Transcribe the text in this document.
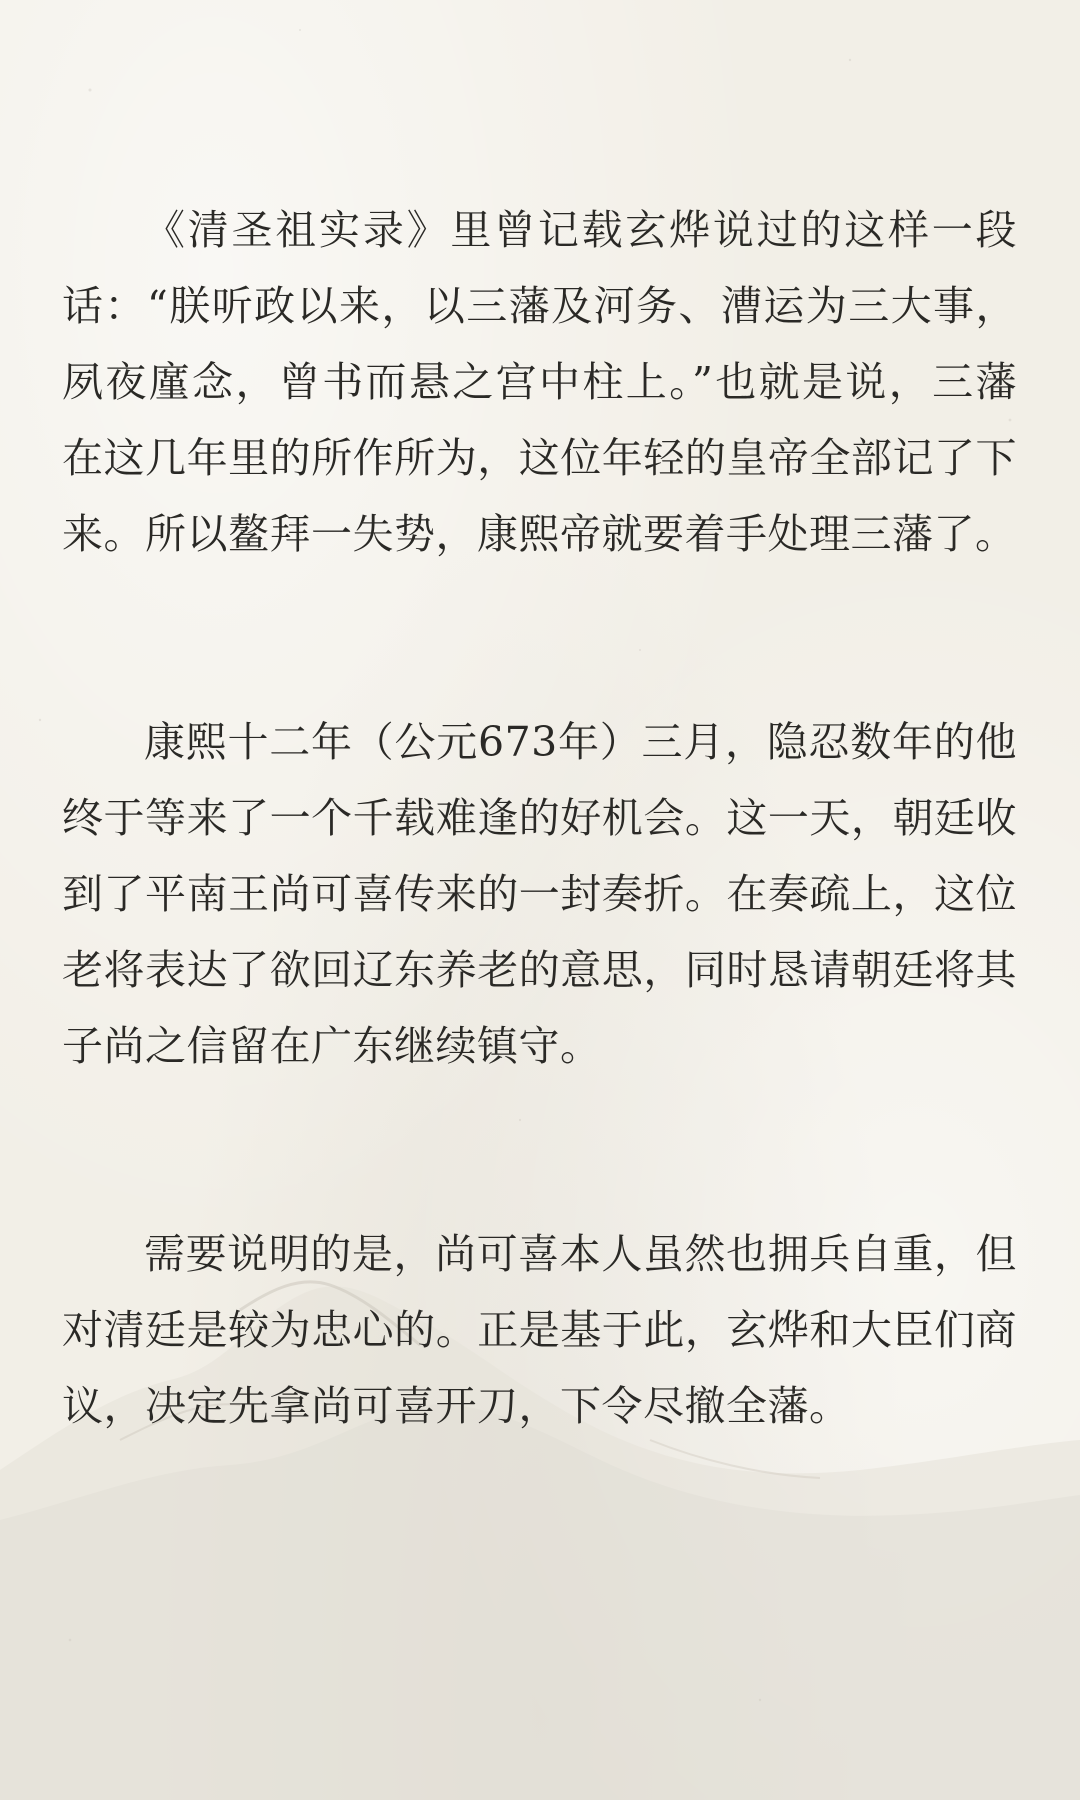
《清圣祖实录》里曾记载玄烨说过的这样一段话：“朕听政以来，以三藩及河务、漕运为三大事，夙夜廑念，曾书而悬之宫中柱上。”也就是说，三藩在这几年里的所作所为，这位年轻的皇帝全部记了下来。所以鳌拜一失势，康熙帝就要着手处理三藩了。

康熙十二年（公元673年）三月，隐忍数年的他终于等来了一个千载难逢的好机会。这一天，朝廷收到了平南王尚可喜传来的一封奏折。在奏疏上，这位老将表达了欲回辽东养老的意思，同时恳请朝廷将其子尚之信留在广东继续镇守。

需要说明的是，尚可喜本人虽然也拥兵自重，但对清廷是较为忠心的。正是基于此，玄烨和大臣们商议，决定先拿尚可喜开刀，下令尽撤全藩。
